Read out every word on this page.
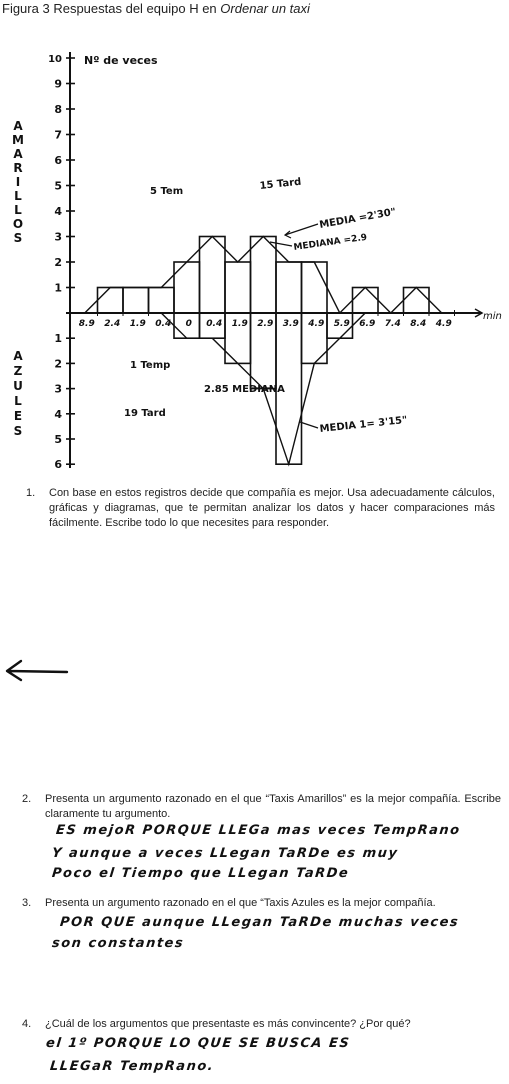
Figura 3 Respuestas del equipo H en Ordenar un taxi
10
9
8
7
6
5
4
3
2
1
1
2
3
4
5
6
8.9 2.4 1.9 0.4 0 0.4 1.9 2.9 3.9 4.9 5.9 6.9 7.4 8.4 4.9
Nº de veces
min
A
M
A
R
I
L
L
O
S
A
Z
U
L
E
S
5 Tem	15 Tard
MEDIA =2'30"
MEDIANA =2.9
1 Temp
2.85 MEDIANA
19 Tard
MEDIA 1= 3'15"
1. Con base en estos registros decide que compañía es mejor. Usa adecuadamente cálculos, gráficas y diagramas, que te permitan analizar los datos y hacer comparaciones más fácilmente. Escribe todo lo que necesites para responder.
2. Presenta un argumento razonado en el que “Taxis Amarillos” es la mejor compañía. Escribe claramente tu argumento.
ES mejoR PORQUE LLEGa mas veces TempRano
Y aunque a veces LLegan TaRDe es muy
Poco el Tiempo que LLegan TaRDe
3. Presenta un argumento razonado en el que “Taxis Azules es la mejor compañía.
POR QUE aunque LLegan TaRDe muchas veces
son constantes
4. ¿Cuál de los argumentos que presentaste es más convincente? ¿Por qué?
el 1º PORQUE LO QUE SE BUSCA ES
LLEGaR TempRano.
